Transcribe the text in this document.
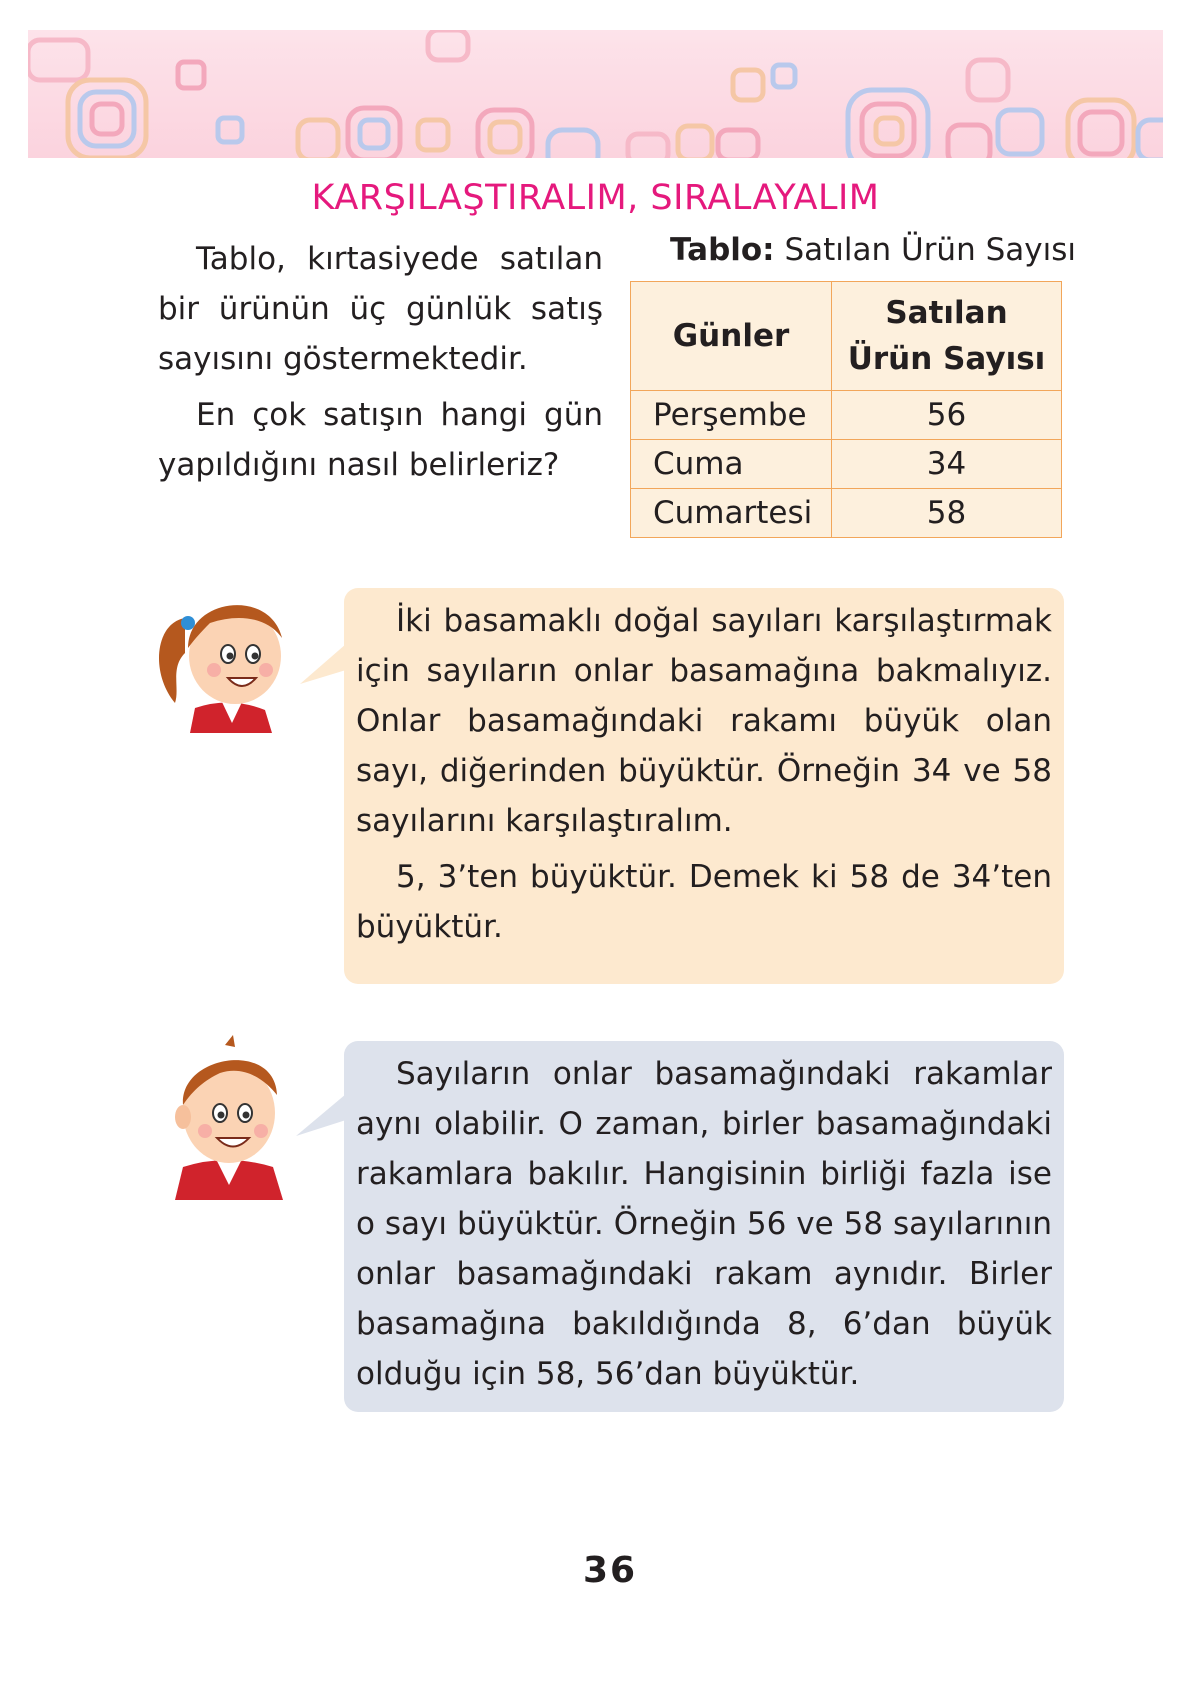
KARŞILAŞTIRALIM, SIRALAYALIM

Tablo, kırtasiyede satılan bir ürünün üç günlük satış sayısını göstermektedir.

En çok satışın hangi gün yapıldığını nasıl belirleriz?

Tablo: Satılan Ürün Sayısı
Günler	Satılan Ürün Sayısı
Perşembe	56
Cuma	34
Cumartesi	58

İki basamaklı doğal sayıları karşılaştırmak için sayıların onlar basamağına bakmalıyız. Onlar basamağındaki rakamı büyük olan sayı, diğerinden büyüktür. Örneğin 34 ve 58 sayılarını karşılaştıralım.

5, 3’ten büyüktür. Demek ki 58 de 34’ten büyüktür.

Sayıların onlar basamağındaki rakamlar aynı olabilir. O zaman, birler basamağındaki rakamlara bakılır. Hangisinin birliği fazla ise o sayı büyüktür. Örneğin 56 ve 58 sayılarının onlar basamağındaki rakam aynıdır. Birler basamağına bakıldığında 8, 6’dan büyük olduğu için 58, 56’dan büyüktür.

36
